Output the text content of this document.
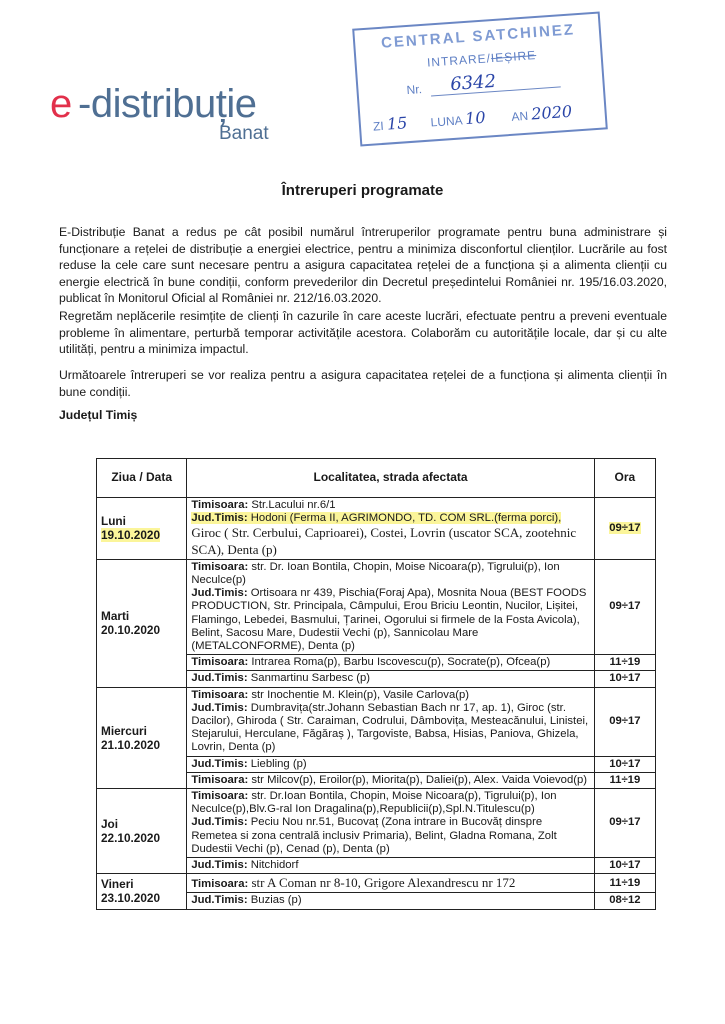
e -distribuție
Banat
CENTRAL SATCHINEZ
INTRARE/IEȘIRE
Nr. 6342
ZI 15 LUNA 10 AN 2020
Întreruperi programate

E-Distribuție Banat a redus pe cât posibil numărul întreruperilor programate pentru buna administrare și funcționare a rețelei de distribuție a energiei electrice, pentru a minimiza disconfortul clienților. Lucrările au fost reduse la cele care sunt necesare pentru a asigura capacitatea rețelei de a funcționa și a alimenta clienții cu energie electrică în bune condiții, conform prevederilor din Decretul președintelui României nr. 195/16.03.2020, publicat în Monitorul Oficial al României nr. 212/16.03.2020.

Regretăm neplăcerile resimțite de clienți în cazurile în care aceste lucrări, efectuate pentru a preveni eventuale probleme în alimentare, perturbă temporar activitățile acestora. Colaborăm cu autoritățile locale, dar și cu alte utilități, pentru a minimiza impactul.

Următoarele întreruperi se vor realiza pentru a asigura capacitatea rețelei de a funcționa și alimenta clienții în bune condiții.

Județul Timiș
Ziua / Data	Localitatea, strada afectata	Ora
Luni
19.10.2020	Timisoara: Str.Lacului nr.6/1
Jud.Timis: Hodoni (Ferma II, AGRIMONDO, TD. COM SRL.(ferma porci),
Giroc ( Str. Cerbului, Caprioarei), Costei, Lovrin (uscator SCA, zootehnic
SCA), Denta (p)	09÷17
Marti
20.10.2020	Timisoara: str. Dr. Ioan Bontila, Chopin, Moise Nicoara(p), Tigrului(p), Ion Neculce(p)
Jud.Timis: Ortisoara nr 439, Pischia(Foraj Apa), Mosnita Noua (BEST FOODS PRODUCTION, Str. Principala, Câmpului, Erou Briciu Leontin, Nucilor, Lișitei, Flamingo, Lebedei, Basmului, Țarinei, Ogorului si firmele de la Fosta Avicola), Belint, Sacosu Mare, Dudestii Vechi (p), Sannicolau Mare (METALCONFORME), Denta (p)	09÷17
	Timisoara: Intrarea Roma(p), Barbu Iscovescu(p), Socrate(p), Ofcea(p)	11÷19
	Jud.Timis: Sanmartinu Sarbesc (p)	10÷17
Miercuri
21.10.2020	Timisoara: str Inochentie M. Klein(p), Vasile Carlova(p)
Jud.Timis: Dumbravița(str.Johann Sebastian Bach nr 17, ap. 1), Giroc (str. Dacilor), Ghiroda ( Str. Caraiman, Codrului, Dâmbovița, Mesteacănului, Linistei, Stejarului, Herculane, Făgăraș ), Targoviste, Babsa, Hisias, Paniova, Ghizela, Lovrin, Denta (p)	09÷17
	Jud.Timis: Liebling (p)	10÷17
	Timisoara: str Milcov(p), Eroilor(p), Miorita(p), Daliei(p), Alex. Vaida Voievod(p)	11÷19
Joi
22.10.2020	Timisoara: str. Dr.Ioan Bontila, Chopin, Moise Nicoara(p), Tigrului(p), Ion Neculce(p),Blv.G-ral Ion Dragalina(p),Republicii(p),Spl.N.Titulescu(p)
Jud.Timis: Peciu Nou nr.51, Bucovaț (Zona intrare in Bucovăț dinspre
Remetea si zona centrală inclusiv Primaria), Belint, Gladna Romana, Zolt
Dudestii Vechi (p), Cenad (p), Denta (p)	09÷17
	Jud.Timis: Nitchidorf	10÷17
Vineri
23.10.2020	Timisoara: str A Coman nr 8-10, Grigore Alexandrescu nr 172	11÷19
	Jud.Timis: Buzias (p)	08÷12
